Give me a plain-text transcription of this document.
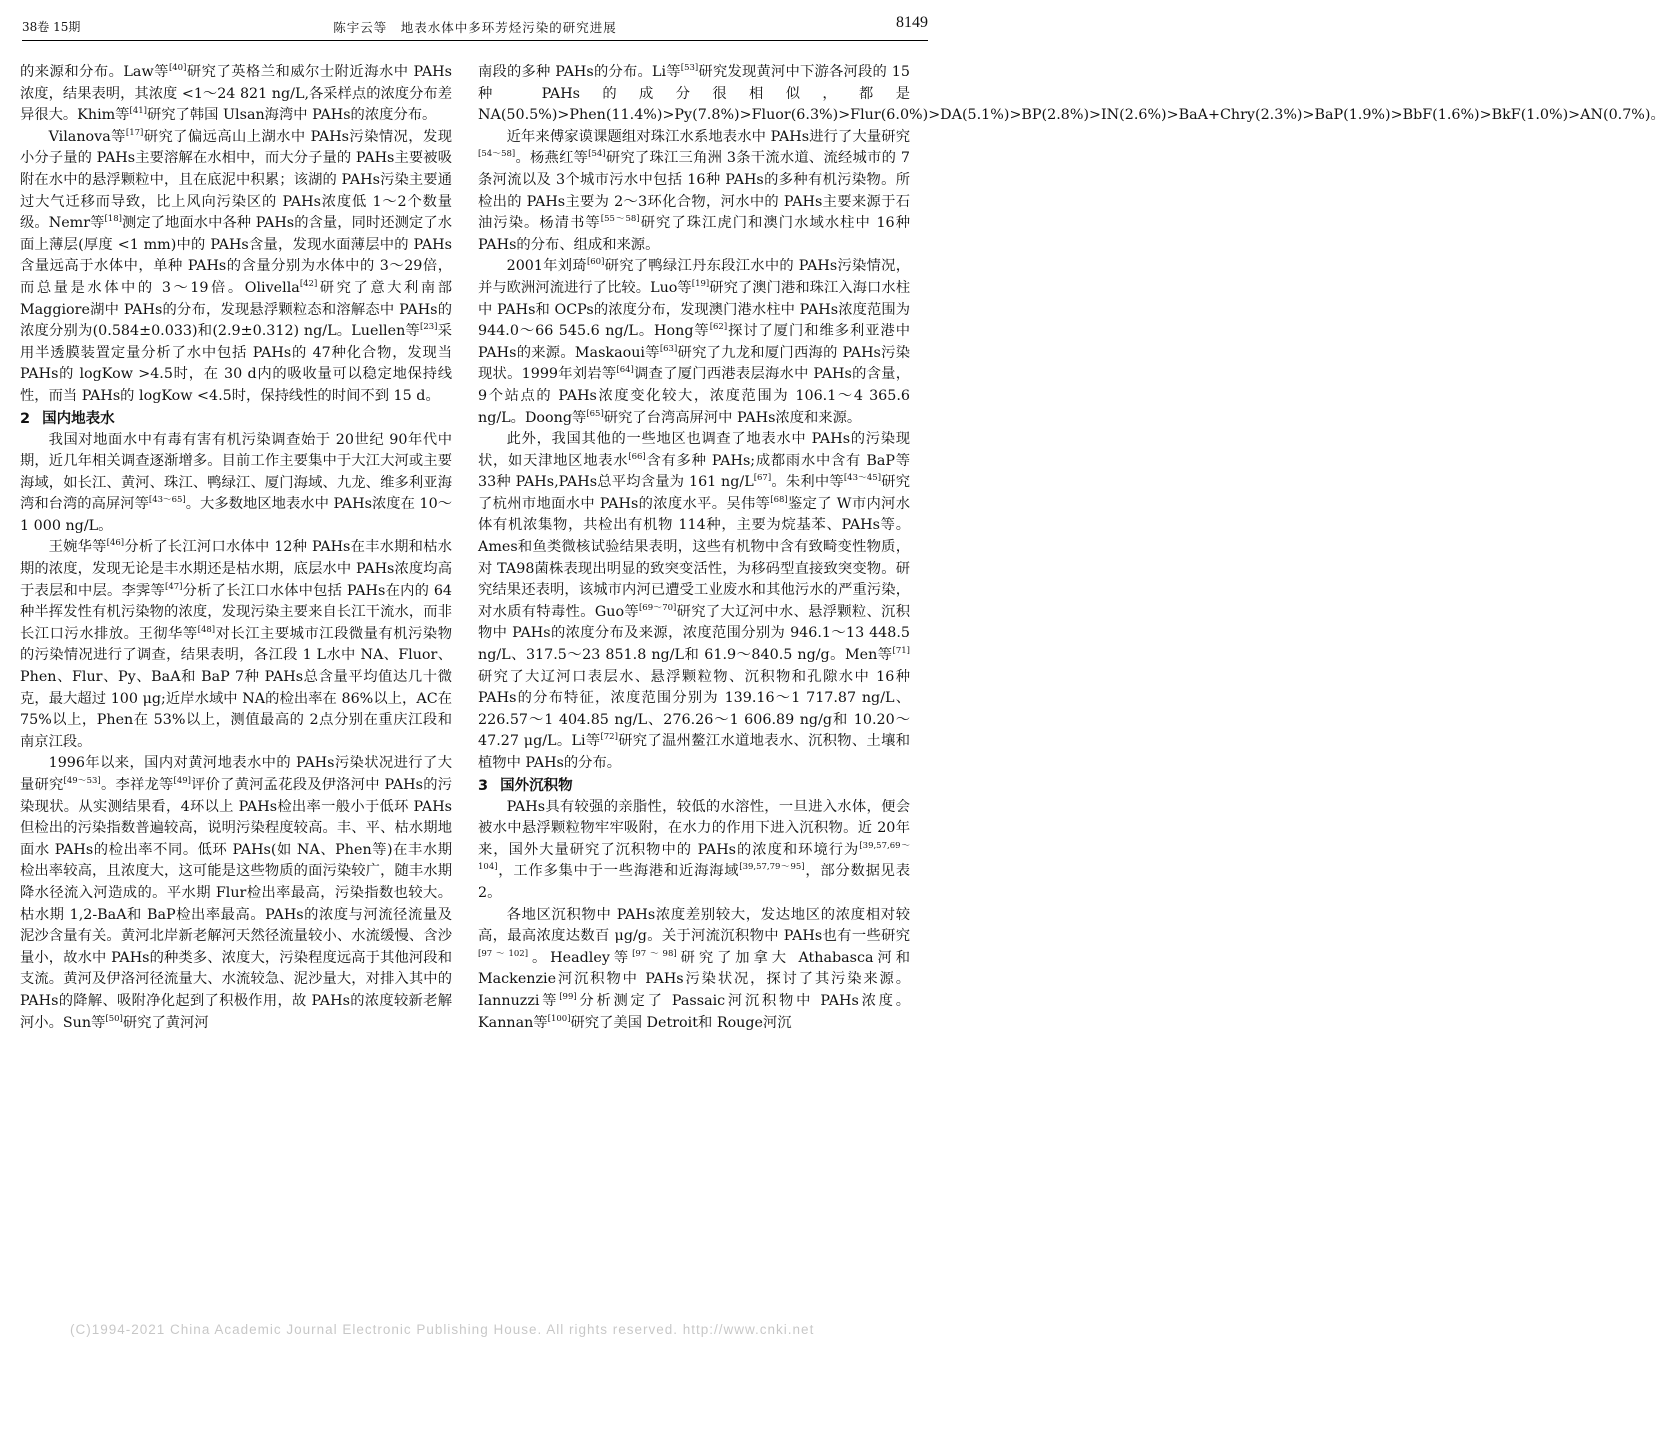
38卷 15期	陈宇云等　地表水体中多环芳烃污染的研究进展	8149

的来源和分布。Law等[40]研究了英格兰和威尔士附近海水中 PAHs浓度，结果表明，其浓度 <1～24 821 ng/L,各采样点的浓度分布差异很大。Khim等[41]研究了韩国 Ulsan海湾中 PAHs的浓度分布。

Vilanova等[17]研究了偏远高山上湖水中 PAHs污染情况，发现小分子量的 PAHs主要溶解在水相中，而大分子量的 PAHs主要被吸附在水中的悬浮颗粒中，且在底泥中积累；该湖的 PAHs污染主要通过大气迁移而导致，比上风向污染区的 PAHs浓度低 1～2个数量级。Nemr等[18]测定了地面水中各种 PAHs的含量，同时还测定了水面上薄层(厚度 <1 mm)中的 PAHs含量，发现水面薄层中的 PAHs含量远高于水体中，单种 PAHs的含量分别为水体中的 3～29倍，而总量是水体中的 3～19倍。Olivella[42]研究了意大利南部 Maggiore湖中 PAHs的分布，发现悬浮颗粒态和溶解态中 PAHs的浓度分别为(0.584±0.033)和(2.9±0.312) ng/L。Luellen等[23]采用半透膜装置定量分析了水中包括 PAHs的 47种化合物，发现当 PAHs的 logKow >4.5时，在 30 d内的吸收量可以稳定地保持线性，而当 PAHs的 logKow <4.5时，保持线性的时间不到 15 d。

2 国内地表水

我国对地面水中有毒有害有机污染调查始于 20世纪 90年代中期，近几年相关调查逐渐增多。目前工作主要集中于大江大河或主要海域，如长江、黄河、珠江、鸭绿江、厦门海域、九龙、维多利亚海湾和台湾的高屏河等[43～65]。大多数地区地表水中 PAHs浓度在 10～1 000 ng/L。

王婉华等[46]分析了长江河口水体中 12种 PAHs在丰水期和枯水期的浓度，发现无论是丰水期还是枯水期，底层水中 PAHs浓度均高于表层和中层。李霁等[47]分析了长江口水体中包括 PAHs在内的 64种半挥发性有机污染物的浓度，发现污染主要来自长江干流水，而非长江口污水排放。王彻华等[48]对长江主要城市江段微量有机污染物的污染情况进行了调查，结果表明，各江段 1 L水中 NA、Fluor、Phen、Flur、Py、BaA和 BaP 7种 PAHs总含量平均值达几十微克，最大超过 100 μg;近岸水域中 NA的检出率在 86%以上，AC在 75%以上，Phen在 53%以上，测值最高的 2点分别在重庆江段和南京江段。

1996年以来，国内对黄河地表水中的 PAHs污染状况进行了大量研究[49～53]。李祥龙等[49]评价了黄河孟花段及伊洛河中 PAHs的污染现状。从实测结果看，4环以上 PAHs检出率一般小于低环 PAHs但检出的污染指数普遍较高，说明污染程度较高。丰、平、枯水期地面水 PAHs的检出率不同。低环 PAHs(如 NA、Phen等)在丰水期检出率较高，且浓度大，这可能是这些物质的面污染较广，随丰水期降水径流入河造成的。平水期 Flur检出率最高，污染指数也较大。枯水期 1,2-BaA和 BaP检出率最高。PAHs的浓度与河流径流量及泥沙含量有关。黄河北岸新老解河天然径流量较小、水流缓慢、含沙量小，故水中 PAHs的种类多、浓度大，污染程度远高于其他河段和支流。黄河及伊洛河径流量大、水流较急、泥沙量大，对排入其中的 PAHs的降解、吸附净化起到了积极作用，故 PAHs的浓度较新老解河小。Sun等[50]研究了黄河河

南段的多种 PAHs的分布。Li等[53]研究发现黄河中下游各河段的 15种 PAHs的成分很相似，都是 NA(50.5%)>Phen(11.4%)>Py(7.8%)>Fluor(6.3%)>Flur(6.0%)>DA(5.1%)>BP(2.8%)>IN(2.6%)>BaA+Chry(2.3%)>BaP(1.9%)>BbF(1.6%)>BkF(1.0%)>AN(0.7%)。

近年来傅家谟课题组对珠江水系地表水中 PAHs进行了大量研究[54～58]。杨燕红等[54]研究了珠江三角洲 3条干流水道、流经城市的 7条河流以及 3个城市污水中包括 16种 PAHs的多种有机污染物。所检出的 PAHs主要为 2～3环化合物，河水中的 PAHs主要来源于石油污染。杨清书等[55～58]研究了珠江虎门和澳门水域水柱中 16种 PAHs的分布、组成和来源。

2001年刘琦[60]研究了鸭绿江丹东段江水中的 PAHs污染情况，并与欧洲河流进行了比较。Luo等[19]研究了澳门港和珠江入海口水柱中 PAHs和 OCPs的浓度分布，发现澳门港水柱中 PAHs浓度范围为 944.0～66 545.6 ng/L。Hong等[62]探讨了厦门和维多利亚港中 PAHs的来源。Maskaoui等[63]研究了九龙和厦门西海的 PAHs污染现状。1999年刘岩等[64]调查了厦门西港表层海水中 PAHs的含量，9个站点的 PAHs浓度变化较大，浓度范围为 106.1～4 365.6 ng/L。Doong等[65]研究了台湾高屏河中 PAHs浓度和来源。

此外，我国其他的一些地区也调查了地表水中 PAHs的污染现状，如天津地区地表水[66]含有多种 PAHs;成都雨水中含有 BaP等 33种 PAHs,PAHs总平均含量为 161 ng/L[67]。朱利中等[43～45]研究了杭州市地面水中 PAHs的浓度水平。吴伟等[68]鉴定了 W市内河水体有机浓集物，共检出有机物 114种，主要为烷基苯、PAHs等。Ames和鱼类微核试验结果表明，这些有机物中含有致畸变性物质，对 TA98菌株表现出明显的致突变活性，为移码型直接致突变物。研究结果还表明，该城市内河已遭受工业废水和其他污水的严重污染，对水质有特毒性。Guo等[69～70]研究了大辽河中水、悬浮颗粒、沉积物中 PAHs的浓度分布及来源，浓度范围分别为 946.1～13 448.5 ng/L、317.5～23 851.8 ng/L和 61.9～840.5 ng/g。Men等[71]研究了大辽河口表层水、悬浮颗粒物、沉积物和孔隙水中 16种 PAHs的分布特征，浓度范围分别为 139.16～1 717.87 ng/L、226.57～1 404.85 ng/L、276.26～1 606.89 ng/g和 10.20～47.27 μg/L。Li等[72]研究了温州鳌江水道地表水、沉积物、土壤和植物中 PAHs的分布。

3 国外沉积物

PAHs具有较强的亲脂性，较低的水溶性，一旦进入水体，便会被水中悬浮颗粒物牢牢吸附，在水力的作用下进入沉积物。近 20年来，国外大量研究了沉积物中的 PAHs的浓度和环境行为[39,57,69～104]，工作多集中于一些海港和近海海域[39,57,79～95]，部分数据见表 2。

各地区沉积物中 PAHs浓度差别较大，发达地区的浓度相对较高，最高浓度达数百 μg/g。关于河流沉积物中 PAHs也有一些研究[97～102]。Headley等[97～98]研究了加拿大 Athabasca河和 Mackenzie河沉积物中 PAHs污染状况，探讨了其污染来源。Iannuzzi等[99]分析测定了 Passaic河沉积物中 PAHs浓度。Kannan等[100]研究了美国 Detroit和 Rouge河沉

(C)1994-2021 China Academic Journal Electronic Publishing House. All rights reserved. http://www.cnki.net
